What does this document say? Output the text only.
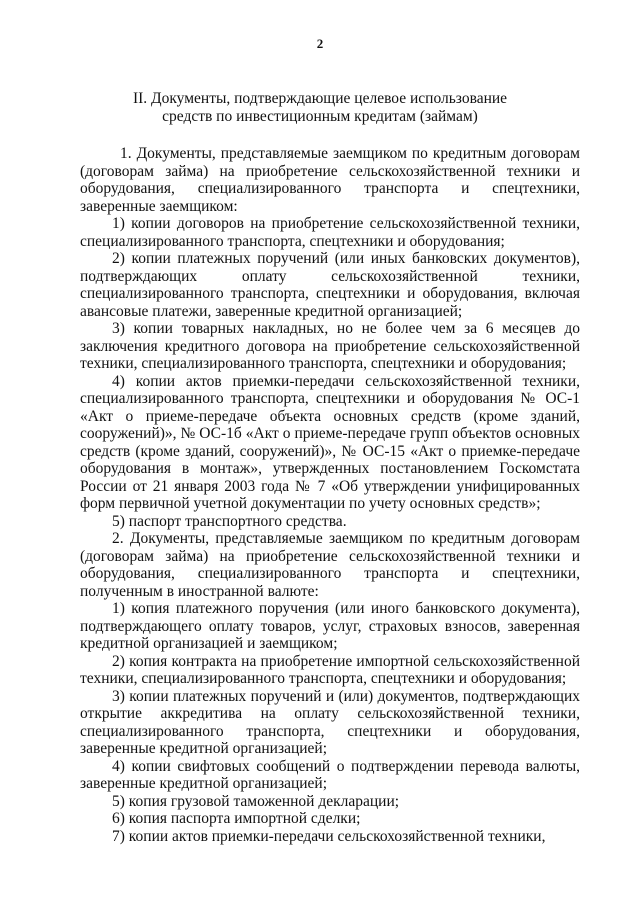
2
II. Документы, подтверждающие целевое использование
средств по инвестиционным кредитам (займам)

1. Документы, представляемые заемщиком по кредитным договорам (договорам займа) на приобретение сельскохозяйственной техники и оборудования, специализированного транспорта и спецтехники, заверенные заемщиком:

1) копии договоров на приобретение сельскохозяйственной техники, специализированного транспорта, спецтехники и оборудования;

2) копии платежных поручений (или иных банковских документов), подтверждающих оплату сельскохозяйственной техники, специализированного транспорта, спецтехники и оборудования, включая авансовые платежи, заверенные кредитной организацией;

3) копии товарных накладных, но не более чем за 6 месяцев до заключения кредитного договора на приобретение сельскохозяйственной техники, специализированного транспорта, спецтехники и оборудования;

4) копии актов приемки-передачи сельскохозяйственной техники, специализированного транспорта, спецтехники и оборудования № ОС-1 «Акт о приеме-передаче объекта основных средств (кроме зданий, сооружений)», № ОС-1б «Акт о приеме-передаче групп объектов основных средств (кроме зданий, сооружений)», № ОС-15 «Акт о приемке-передаче оборудования в монтаж», утвержденных постановлением Госкомстата России от 21 января 2003 года № 7 «Об утверждении унифицированных форм первичной учетной документации по учету основных средств»;

5) паспорт транспортного средства.

2. Документы, представляемые заемщиком по кредитным договорам (договорам займа) на приобретение сельскохозяйственной техники и оборудования, специализированного транспорта и спецтехники, полученным в иностранной валюте:

1) копия платежного поручения (или иного банковского документа), подтверждающего оплату товаров, услуг, страховых взносов, заверенная кредитной организацией и заемщиком;

2) копия контракта на приобретение импортной сельскохозяйственной техники, специализированного транспорта, спецтехники и оборудования;

3) копии платежных поручений и (или) документов, подтверждающих открытие аккредитива на оплату сельскохозяйственной техники, специализированного транспорта, спецтехники и оборудования, заверенные кредитной организацией;

4) копии свифтовых сообщений о подтверждении перевода валюты, заверенные кредитной организацией;

5) копия грузовой таможенной декларации;

6) копия паспорта импортной сделки;

7) копии актов приемки-передачи сельскохозяйственной техники,
